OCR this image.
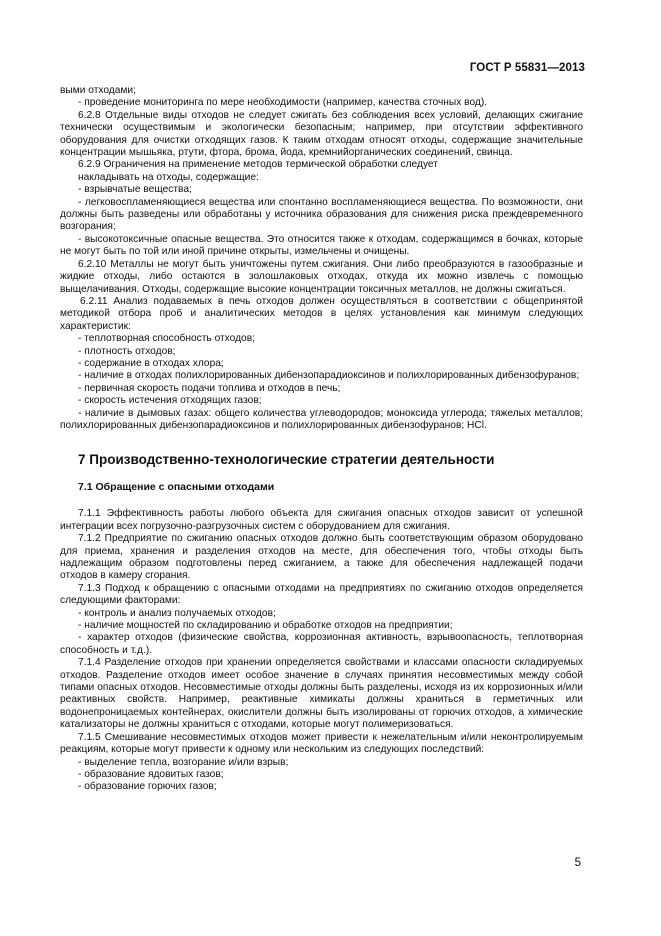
ГОСТ Р 55831—2013

выми отходами;

- проведение мониторинга по мере необходимости (например, качества сточных вод).

6.2.8 Отдельные виды отходов не следует сжигать без соблюдения всех условий, делающих сжигание технически осуществимым и экологически безопасным; например, при отсутствии эффективного оборудования для очистки отходящих газов. К таким отходам относят отходы, содержащие значительные концентрации мышьяка, ртути, фтора, брома, йода, кремнийорганических соединений, свинца.

6.2.9 Ограничения на применение методов термической обработки следует

накладывать на отходы, содержащие:

- взрывчатые вещества;

- легковоспламеняющиеся вещества или спонтанно воспламеняющиеся вещества. По возможности, они должны быть разведены или обработаны у источника образования для снижения риска преждевременного возгорания;

- высокотоксичные опасные вещества. Это относится также к отходам, содержащимся в бочках, которые не могут быть по той или иной причине открыты, измельчены и очищены.

6.2.10 Металлы не могут быть уничтожены путем сжигания. Они либо преобразуются в газообразные и жидкие отходы, либо остаются в золошлаковых отходах, откуда их можно извлечь с помощью выщелачивания. Отходы, содержащие высокие концентрации токсичных металлов, не должны сжигаться.

6.2.11 Анализ подаваемых в печь отходов должен осуществляться в соответствии с общепринятой методикой отбора проб и аналитических методов в целях установления как минимум следующих характеристик:

- теплотворная способность отходов;

- плотность отходов;

- содержание в отходах хлора;

- наличие в отходах полихлорированных дибензопарадиоксинов и полихлорированных дибензофуранов;

- первичная скорость подачи топлива и отходов в печь;

- скорость истечения отходящих газов;

- наличие в дымовых газах: общего количества углеводородов; моноксида углерода; тяжелых металлов; полихлорированных дибензопарадиоксинов и полихлорированных дибензофуранов; HCl.

7 Производственно-технологические стратегии деятельности

7.1 Обращение с опасными отходами

7.1.1 Эффективность работы любого объекта для сжигания опасных отходов зависит от успешной интеграции всех погрузочно-разгрузочных систем с оборудованием для сжигания.

7.1.2 Предприятие по сжиганию опасных отходов должно быть соответствующим образом оборудовано для приема, хранения и разделения отходов на месте, для обеспечения того, чтобы отходы быть надлежащим образом подготовлены перед сжиганием, а также для обеспечения надлежащей подачи отходов в камеру сгорания.

7.1.3 Подход к обращению с опасными отходами на предприятиях по сжиганию отходов определяется следующими факторами:

- контроль и анализ получаемых отходов;

- наличие мощностей по складированию и обработке отходов на предприятии;

- характер отходов (физические свойства, коррозионная активность, взрывоопасность, теплотворная способность и т.д.).

7.1.4 Разделение отходов при хранении определяется свойствами и классами опасности складируемых отходов. Разделение отходов имеет особое значение в случаях принятия несовместимых между собой типами опасных отходов. Несовместимые отходы должны быть разделены, исходя из их коррозионных и/или реактивных свойств. Например, реактивные химикаты должны храниться в герметичных или водонепроницаемых контейнерах, окислители должны быть изолированы от горючих отходов, а химические катализаторы не должны храниться с отходами, которые могут полимеризоваться.

7.1.5 Смешивание несовместимых отходов может привести к нежелательным и/или неконтролируемым реакциям, которые могут привести к одному или нескольким из следующих последствий:

- выделение тепла, возгорание и/или взрыв;

- образование ядовитых газов;

- образование горючих газов;

5
